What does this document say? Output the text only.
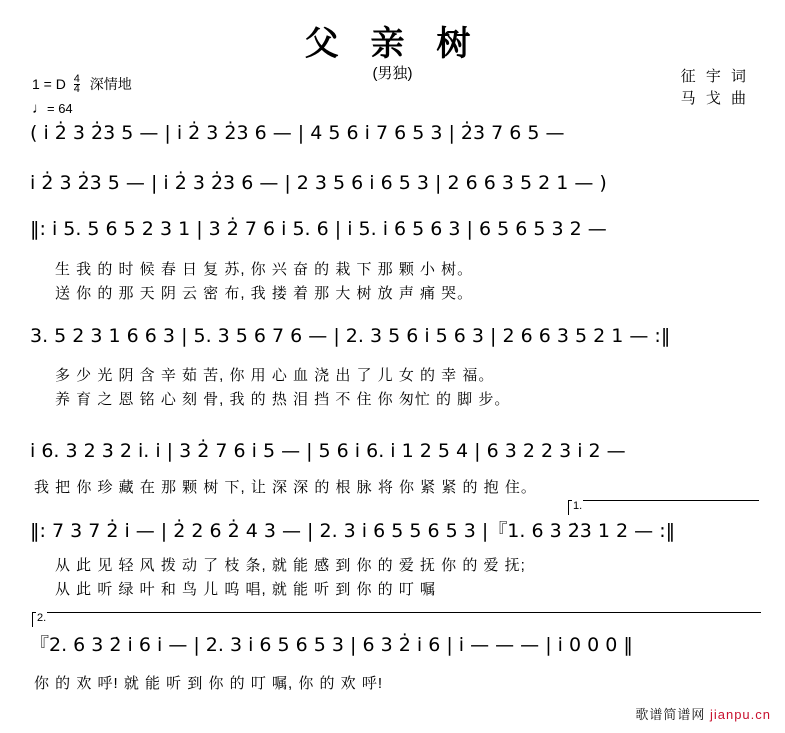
父 亲 树
(男独)	征 宇 词
马 戈 曲
1 = D $\frac{4}{4}$ 深情地
♩= 64
( i 2̇ 3 2̇3 5 — | i 2̇ 3 2̇3 6 — | 4 5 6 i 7 6 5 3 | 2̇3 7 6 5 —
i 2̇ 3 2̇3 5 — | i 2̇ 3 2̇3 6 — | 2 3 5 6 i 6 5 3 | 2 6 6 3 5 2 1 — )
‖: i 5. 5 6 5 2 3 1 | 3 2̇ 7 6 i 5. 6 | i 5. i 6 5 6 3 | 6 5 6 5 3 2 —
生 我 的 时 候 春 日 复 苏, 你 兴 奋 的 栽 下 那 颗 小 树。
送 你 的 那 天 阴 云 密 布, 我 搂 着 那 大 树 放 声 痛 哭。
3. 5 2 3 1 6 6 3 | 5. 3 5 6 7 6 — | 2. 3 5 6 i 5 6 3 | 2 6 6 3 5 2 1 — :‖
多 少 光 阴 含 辛 茹 苦, 你 用 心 血 浇 出 了 儿 女 的 幸 福。
养 育 之 恩 铭 心 刻 骨, 我 的 热 泪 挡 不 住 你 匆忙 的 脚 步。
i 6. 3 2 3 2 i. i | 3 2̇ 7 6 i 5 — | 5 6 i 6. i 1 2 5 4 | 6 3 2 2 3 i 2 —
我 把 你 珍 藏 在 那 颗 树 下, 让 深 深 的 根 脉 将 你 紧 紧 的 抱 住。
1.
‖: 7 3 7 2̇ i — | 2̇ 2 6 2̇ 4 3 — | 2. 3 i 6 5 5 6 5 3 |『1. 6 3 2̇3 1 2 — :‖
从 此 见 轻 风 拨 动 了 枝 条, 就 能 感 到 你 的 爱 抚 你 的 爱 抚;
从 此 听 绿 叶 和 鸟 儿 呜 唱, 就 能 听 到 你 的 叮 嘱
2.
『2. 6 3 2̇ i 6 i — | 2. 3 i 6 5 6 5 3 | 6 3 2̇ i 6 | i — — — | i 0 0 0 ‖
你 的 欢 呼! 就 能 听 到 你 的 叮 嘱, 你 的 欢 呼!
歌谱简谱网 jianpu.cn
